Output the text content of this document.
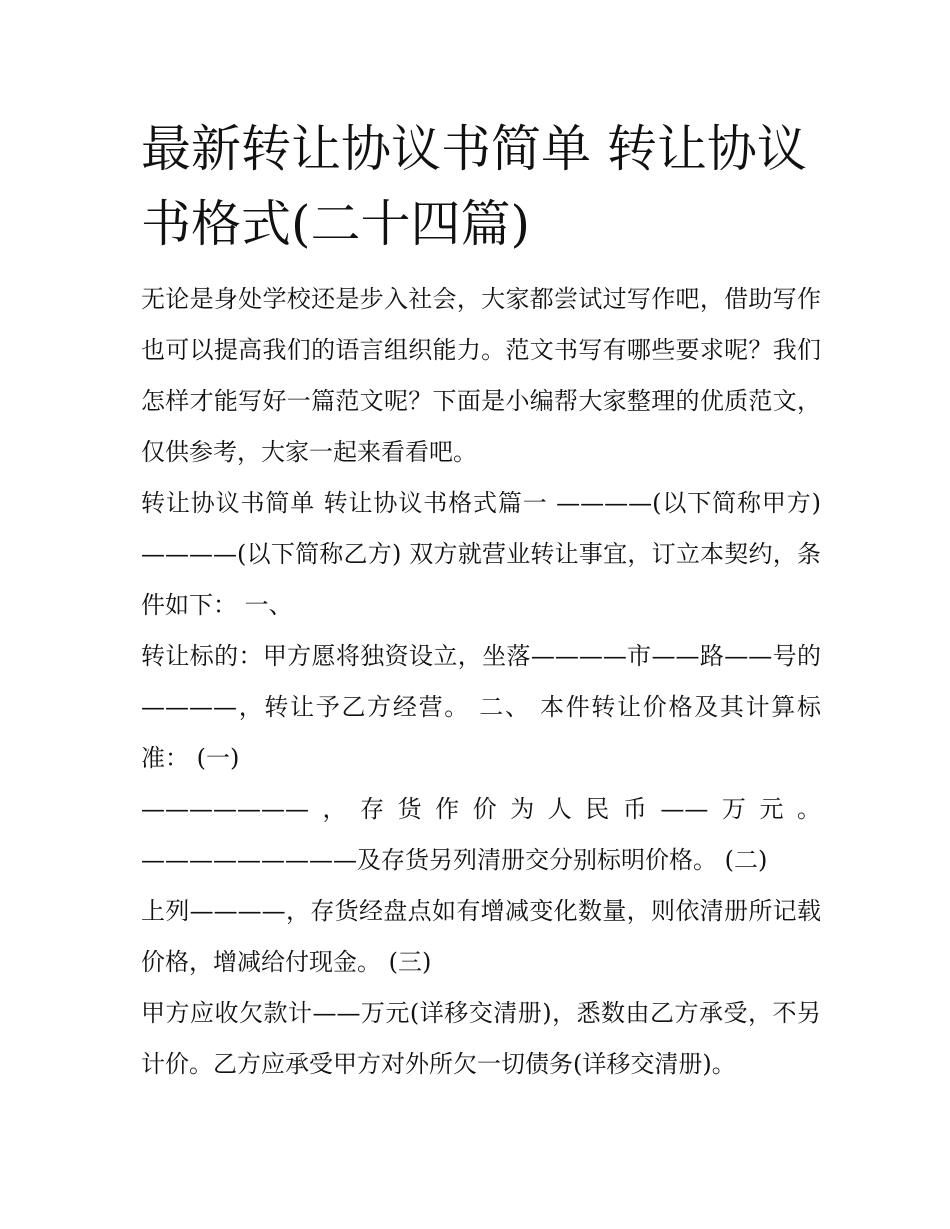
最新转让协议书简单 转让协议书格式(二十四篇)

无论是身处学校还是步入社会，大家都尝试过写作吧，借助写作也可以提高我们的语言组织能力。范文书写有哪些要求呢？我们怎样才能写好一篇范文呢？下面是小编帮大家整理的优质范文，仅供参考，大家一起来看看吧。

转让协议书简单 转让协议书格式篇一 ————(以下简称甲方) ————(以下简称乙方) 双方就营业转让事宜，订立本契约，条件如下： 一、

转让标的：甲方愿将独资设立，坐落————市——路——号的————，转让予乙方经营。 二、 本件转让价格及其计算标准： (一)

———————，存货作价为人民币——万元。—————————及存货另列清册交分别标明价格。 (二)

上列————，存货经盘点如有增减变化数量，则依清册所记载价格，增减给付现金。 (三)

甲方应收欠款计——万元(详移交清册)，悉数由乙方承受，不另计价。乙方应承受甲方对外所欠一切债务(详移交清册)。
